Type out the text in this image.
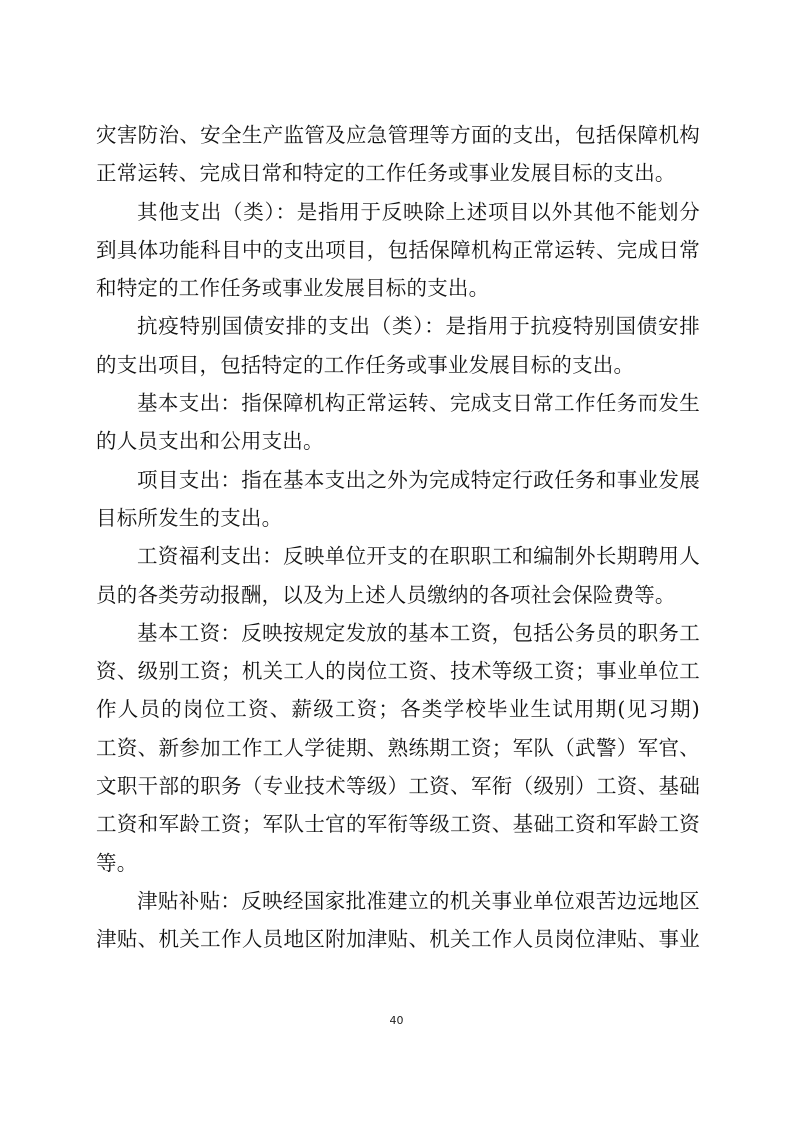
灾害防治、安全生产监管及应急管理等方面的支出，包括保障机构
正常运转、完成日常和特定的工作任务或事业发展目标的支出。
其他支出（类）：是指用于反映除上述项目以外其他不能划分
到具体功能科目中的支出项目，包括保障机构正常运转、完成日常
和特定的工作任务或事业发展目标的支出。
抗疫特别国债安排的支出（类）：是指用于抗疫特别国债安排
的支出项目，包括特定的工作任务或事业发展目标的支出。
基本支出：指保障机构正常运转、完成支日常工作任务而发生
的人员支出和公用支出。
项目支出：指在基本支出之外为完成特定行政任务和事业发展
目标所发生的支出。
工资福利支出：反映单位开支的在职职工和编制外长期聘用人
员的各类劳动报酬，以及为上述人员缴纳的各项社会保险费等。
基本工资：反映按规定发放的基本工资，包括公务员的职务工
资、级别工资；机关工人的岗位工资、技术等级工资；事业单位工
作人员的岗位工资、薪级工资；各类学校毕业生试用期(见习期)
工资、新参加工作工人学徒期、熟练期工资；军队（武警）军官、
文职干部的职务（专业技术等级）工资、军衔（级别）工资、基础
工资和军龄工资；军队士官的军衔等级工资、基础工资和军龄工资
等。
津贴补贴：反映经国家批准建立的机关事业单位艰苦边远地区
津贴、机关工作人员地区附加津贴、机关工作人员岗位津贴、事业
40
